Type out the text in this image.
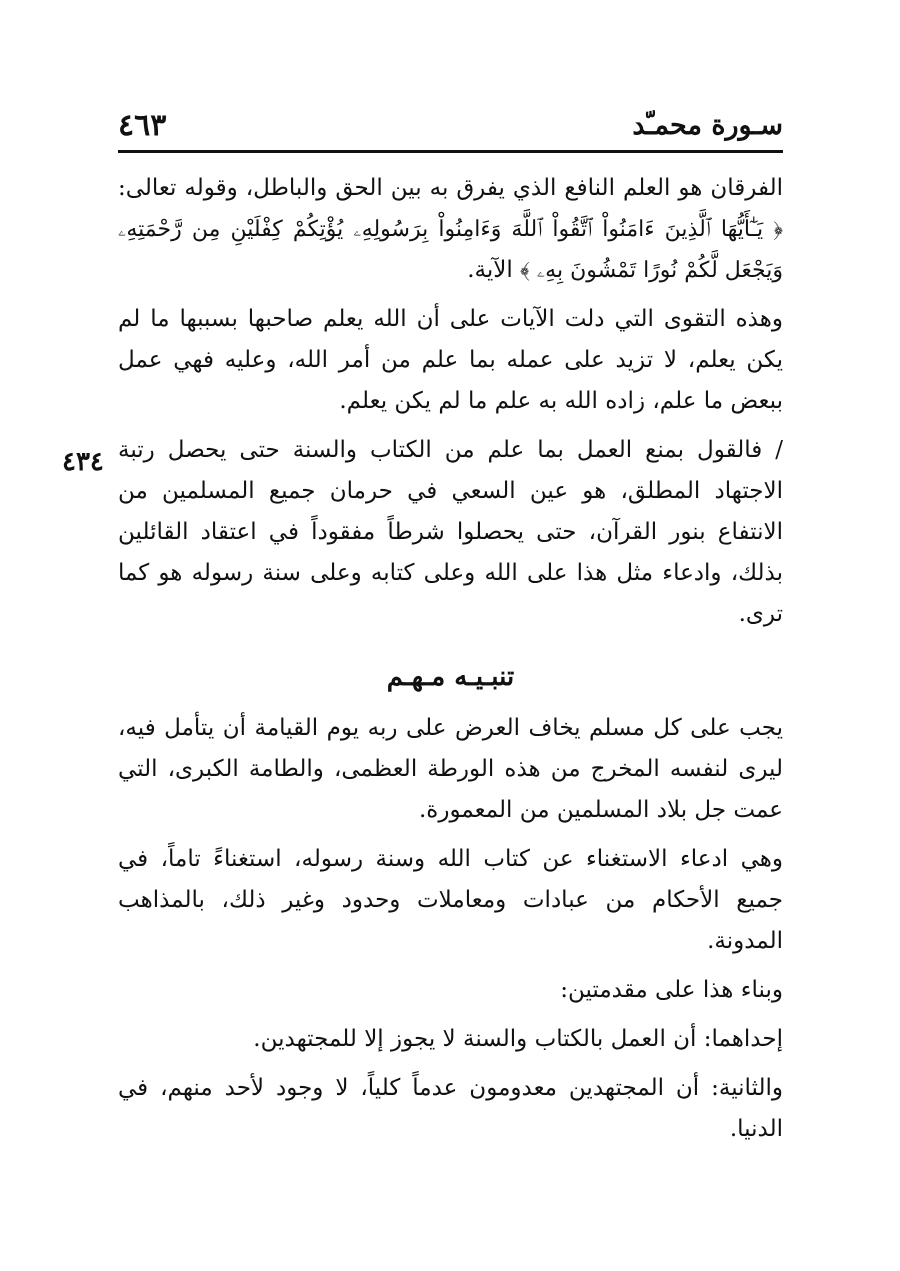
سـورة محمـّد
٤٦٣
٤٣٤

الفرقان هو العلم النافع الذي يفرق به بين الحق والباطل، وقوله تعالى: ﴿ يَـٰٓأَيُّهَا ٱلَّذِينَ ءَامَنُواْ ٱتَّقُواْ ٱللَّهَ وَءَامِنُواْ بِرَسُولِهِۦ يُؤْتِكُمْ كِفْلَيْنِ مِن رَّحْمَتِهِۦ وَيَجْعَل لَّكُمْ نُورًا تَمْشُونَ بِهِۦ ﴾ الآية.

وهذه التقوى التي دلت الآيات على أن الله يعلم صاحبها بسببها ما لم يكن يعلم، لا تزيد على عمله بما علم من أمر الله، وعليه فهي عمل ببعض ما علم، زاده الله به علم ما لم يكن يعلم.

/ فالقول بمنع العمل بما علم من الكتاب والسنة حتى يحصل رتبة الاجتهاد المطلق، هو عين السعي في حرمان جميع المسلمين من الانتفاع بنور القرآن، حتى يحصلوا شرطاً مفقوداً في اعتقاد القائلين بذلك، وادعاء مثل هذا على الله وعلى كتابه وعلى سنة رسوله هو كما ترى.

تنبـيـه مـهـم

يجب على كل مسلم يخاف العرض على ربه يوم القيامة أن يتأمل فيه، ليرى لنفسه المخرج من هذه الورطة العظمى، والطامة الكبرى، التي عمت جل بلاد المسلمين من المعمورة.

وهي ادعاء الاستغناء عن كتاب الله وسنة رسوله، استغناءً تاماً، في جميع الأحكام من عبادات ومعاملات وحدود وغير ذلك، بالمذاهب المدونة.

وبناء هذا على مقدمتين:

إحداهما: أن العمل بالكتاب والسنة لا يجوز إلا للمجتهدين.

والثانية: أن المجتهدين معدومون عدماً كلياً، لا وجود لأحد منهم، في الدنيا.
